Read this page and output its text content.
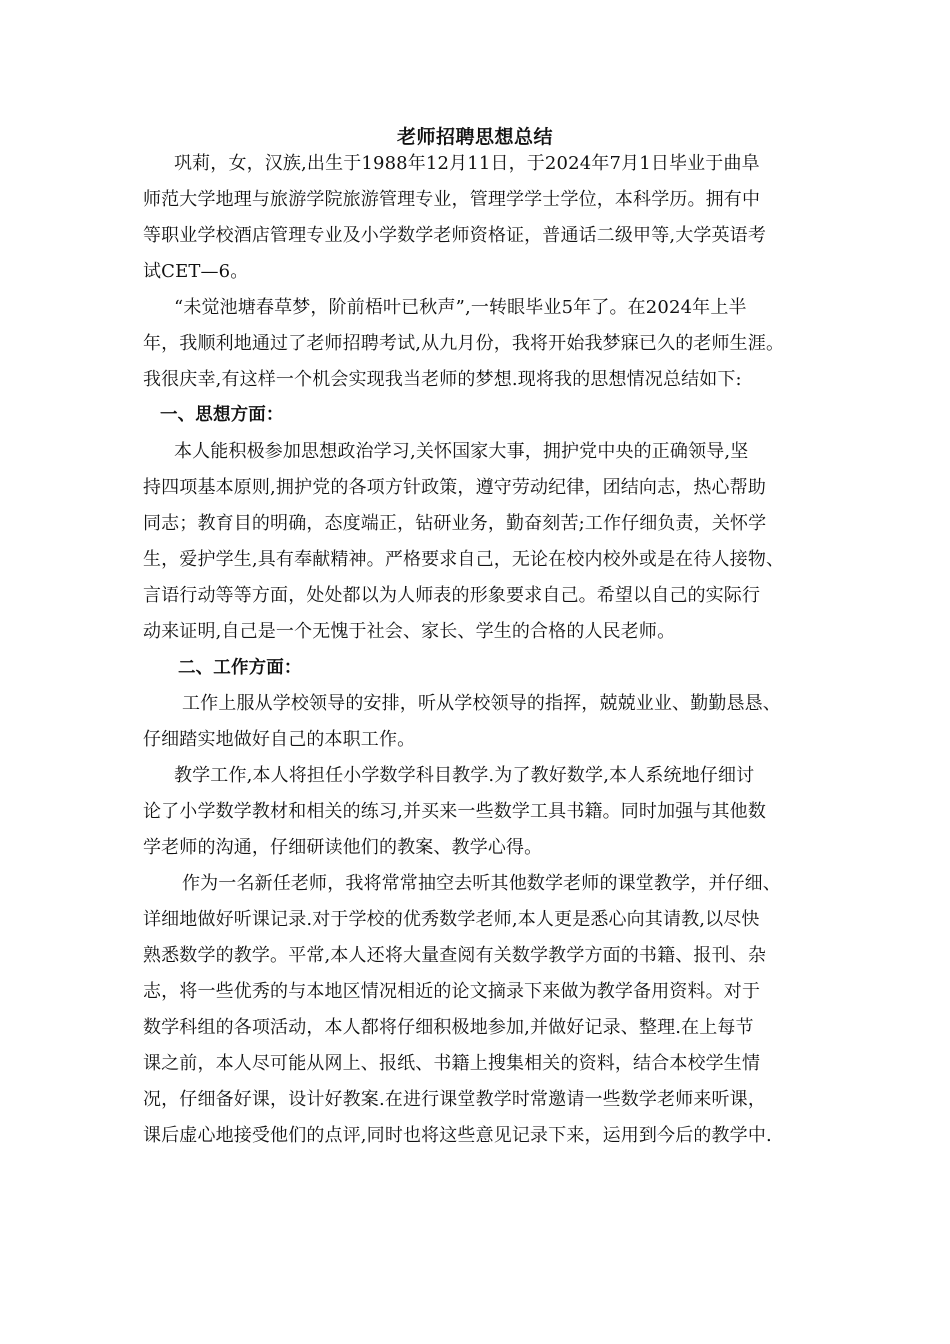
老师招聘思想总结
巩莉，女，汉族,出生于1988年12月11日，于2024年7月1日毕业于曲阜
师范大学地理与旅游学院旅游管理专业，管理学学士学位，本科学历。拥有中
等职业学校酒店管理专业及小学数学老师资格证，普通话二级甲等,大学英语考
试CET—6。
“未觉池塘春草梦，阶前梧叶已秋声”,一转眼毕业5年了。在2024年上半
年，我顺利地通过了老师招聘考试,从九月份，我将开始我梦寐已久的老师生涯。
我很庆幸,有这样一个机会实现我当老师的梦想.现将我的思想情况总结如下:
一、思想方面：
本人能积极参加思想政治学习,关怀国家大事，拥护党中央的正确领导,坚
持四项基本原则,拥护党的各项方针政策，遵守劳动纪律，团结向志，热心帮助
同志；教育目的明确，态度端正，钻研业务，勤奋刻苦;工作仔细负责，关怀学
生，爱护学生,具有奉献精神。严格要求自己，无论在校内校外或是在待人接物、
言语行动等等方面，处处都以为人师表的形象要求自己。希望以自己的实际行
动来证明,自己是一个无愧于社会、家长、学生的合格的人民老师。
二、工作方面：
工作上服从学校领导的安排，听从学校领导的指挥，兢兢业业、勤勤恳恳、
仔细踏实地做好自己的本职工作。
教学工作,本人将担任小学数学科目教学.为了教好数学,本人系统地仔细讨
论了小学数学教材和相关的练习,并买来一些数学工具书籍。同时加强与其他数
学老师的沟通，仔细研读他们的教案、教学心得。
作为一名新任老师，我将常常抽空去听其他数学老师的课堂教学，并仔细、
详细地做好听课记录.对于学校的优秀数学老师,本人更是悉心向其请教,以尽快
熟悉数学的教学。平常,本人还将大量查阅有关数学教学方面的书籍、报刊、杂
志，将一些优秀的与本地区情况相近的论文摘录下来做为教学备用资料。对于
数学科组的各项活动，本人都将仔细积极地参加,并做好记录、整理.在上每节
课之前，本人尽可能从网上、报纸、书籍上搜集相关的资料，结合本校学生情
况，仔细备好课，设计好教案.在进行课堂教学时常邀请一些数学老师来听课，
课后虚心地接受他们的点评,同时也将这些意见记录下来，运用到今后的教学中.
